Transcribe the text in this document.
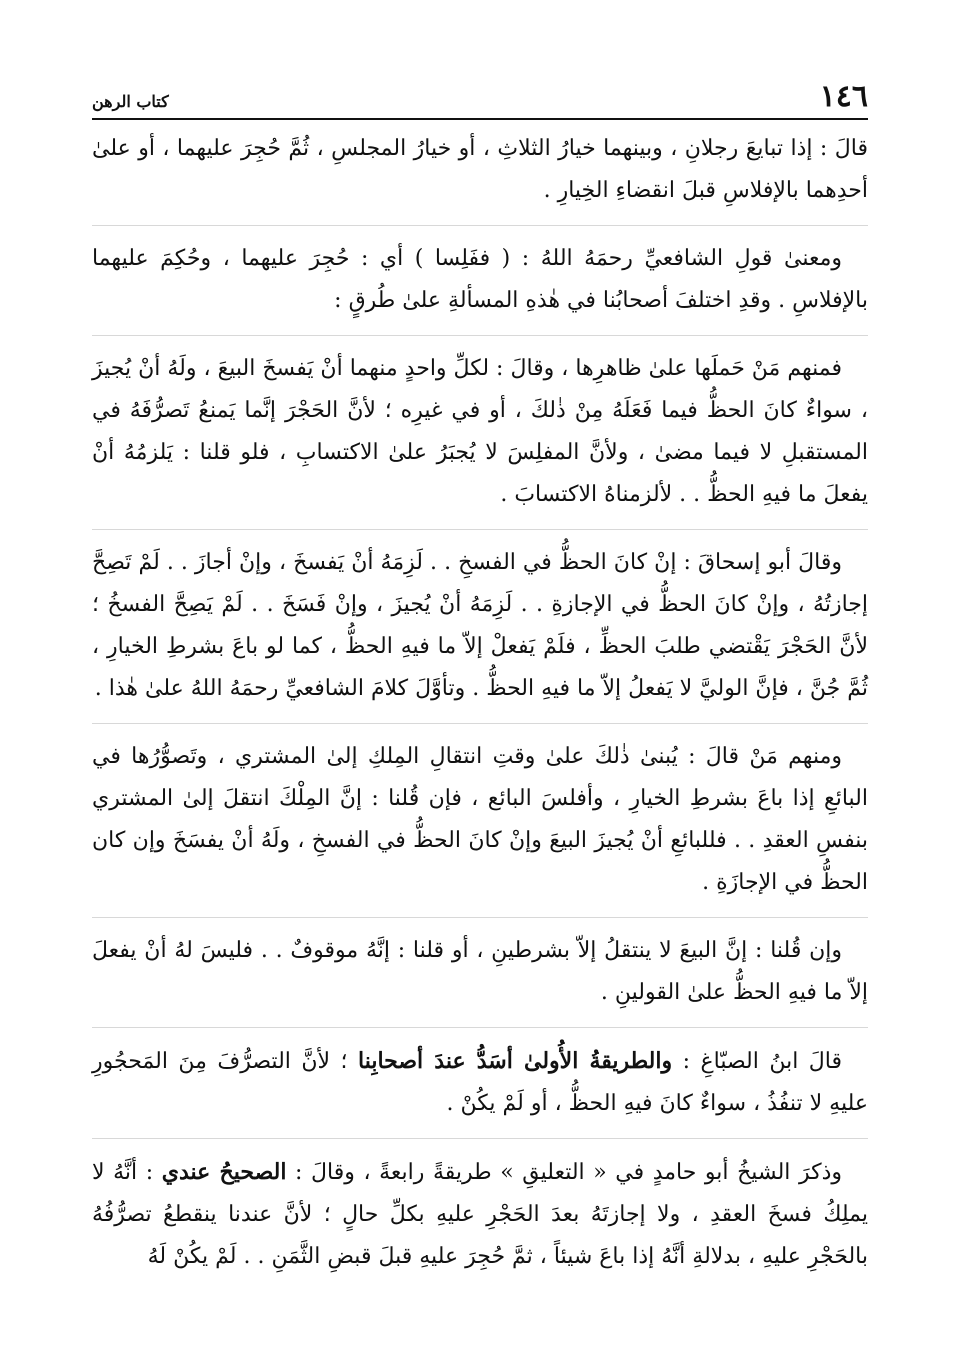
١٤٦
كتاب الرهن

قالَ : إذا تبايعَ رجلانِ ، وبينهما خيارُ الثلاثِ ، أو خيارُ المجلسِ ، ثُمَّ حُجِرَ عليهما ، أو علىٰ أحدِهما بالإفلاسِ قبلَ انقضاءِ الخِيارِ .

ومعنىٰ قولِ الشافعيِّ رحمَهُ اللهُ : ( ففَلِسا ) أي : حُجِرَ عليهما ، وحُكِمَ عليهما بالإفلاسِ . وقدِ اختلفَ أصحابُنا في هٰذهِ المسألةِ علىٰ طُرقٍ :

فمنهم مَنْ حَملَها علىٰ ظاهرِها ، وقالَ : لكلِّ واحدٍ منهما أنْ يَفسخَ البيعَ ، ولَهُ أنْ يُجيزَ ، سواءٌ كانَ الحظُّ فيما فَعَلَهُ مِنْ ذٰلكَ ، أو في غيرِه ؛ لأنَّ الحَجْرَ إنَّما يَمنعُ تَصرُّفَهُ في المستقبلِ لا فيما مضىٰ ، ولأنَّ المفلِسَ لا يُجبَرُ علىٰ الاكتسابِ ، فلو قلنا : يَلزمُهُ أنْ يفعلَ ما فيهِ الحظُّ . . لألزمناهُ الاكتسابَ .

وقالَ أبو إسحاقَ : إنْ كانَ الحظُّ في الفسخِ . . لَزِمَهُ أنْ يَفسخَ ، وإنْ أجازَ . . لَمْ تَصِحَّ إجازتُهُ ، وإنْ كانَ الحظُّ في الإجازةِ . . لَزِمَهُ أنْ يُجيزَ ، وإنْ فَسَخَ . . لَمْ يَصِحَّ الفسخُ ؛ لأنَّ الحَجْرَ يَقْتضي طلبَ الحظِّ ، فلَمْ يَفعلْ إلاّ ما فيهِ الحظُّ ، كما لو باعَ بشرطِ الخيارِ ، ثُمَّ جُنَّ ، فإنَّ الوليَّ لا يَفعلُ إلاّ ما فيهِ الحظُّ . وتأوَّلَ كلامَ الشافعيِّ رحمَهُ اللهُ علىٰ هٰذا .

ومنهم مَنْ قالَ : يُبنىٰ ذٰلكَ علىٰ وقتِ انتقالِ المِلكِ إلىٰ المشتري ، وتَصوُّرُها في البائعِ إذا باعَ بشرطِ الخيارِ ، وأفلسَ البائع ، فإن قُلنا : إنَّ المِلْكَ انتقلَ إلىٰ المشتري بنفسِ العقدِ . . فللبائعِ أنْ يُجيزَ البيعَ وإنْ كانَ الحظُّ في الفسخِ ، ولَهُ أنْ يفسَخَ وإن كان الحظُّ في الإجازَةِ .

وإن قُلنا : إنَّ البيعَ لا ينتقلُ إلاّ بشرطينِ ، أو قلنا : إنَّهُ موقوفٌ . . فليسَ لهُ أنْ يفعلَ إلاّ ما فيهِ الحظُّ علىٰ القولينِ .

قالَ ابنُ الصبّاغِ : والطريقةُ الأُولىٰ أسَدُّ عندَ أصحابِنا ؛ لأنَّ التصرُّفَ مِنَ المَحجُورِ عليهِ لا تنفُذُ ، سواءٌ كانَ فيهِ الحظُّ ، أو لَمْ يكُنْ .

وذكرَ الشيخُ أبو حامدٍ في « التعليقِ » طريقةً رابعةً ، وقالَ : الصحيحُ عندي : أنَّهُ لا يملِكُ فسخَ العقدِ ، ولا إجازتَهُ بعدَ الحَجْرِ عليهِ بكلِّ حالٍ ؛ لأنَّ عندنا ينقطعُ تصرُّفُهُ بالحَجْرِ عليهِ ، بدلالةِ أنَّهُ إذا باعَ شيئاً ، ثمَّ حُجِرَ عليهِ قبلَ قبضِ الثَّمَنِ . . لَمْ يكُنْ لَهُ
